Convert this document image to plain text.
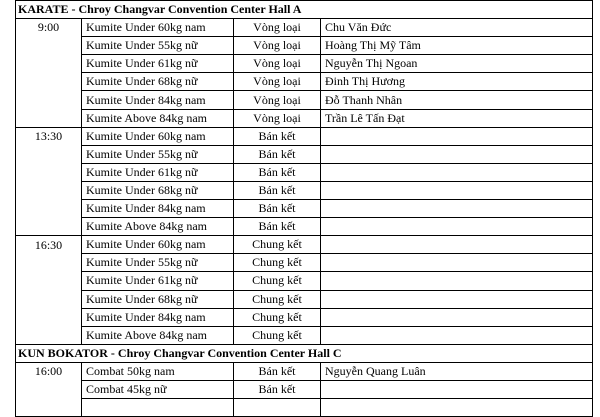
KARATE - Chroy Changvar Convention Center Hall A			
9:00	Kumite Under 60kg nam	Vòng loại	Chu Văn Đức
	Kumite Under 55kg nữ	Vòng loại	Hoàng Thị Mỹ Tâm
	Kumite Under 61kg nữ	Vòng loại	Nguyễn Thị Ngoan
	Kumite Under 68kg nữ	Vòng loại	Đinh Thị Hương
	Kumite Under 84kg nam	Vòng loại	Đỗ Thanh Nhân
	Kumite Above 84kg nam	Vòng loại	Trần Lê Tấn Đạt
13:30	Kumite Under 60kg nam	Bán kết	
	Kumite Under 55kg nữ	Bán kết	
	Kumite Under 61kg nữ	Bán kết	
	Kumite Under 68kg nữ	Bán kết	
	Kumite Under 84kg nam	Bán kết	
	Kumite Above 84kg nam	Bán kết	
16:30	Kumite Under 60kg nam	Chung kết	
	Kumite Under 55kg nữ	Chung kết	
	Kumite Under 61kg nữ	Chung kết	
	Kumite Under 68kg nữ	Chung kết	
	Kumite Under 84kg nam	Chung kết	
	Kumite Above 84kg nam	Chung kết	
KUN BOKATOR - Chroy Changvar Convention Center Hall C			
16:00	Combat 50kg nam	Bán kết	Nguyễn Quang Luân
	Combat 45kg nữ	Bán kết	
